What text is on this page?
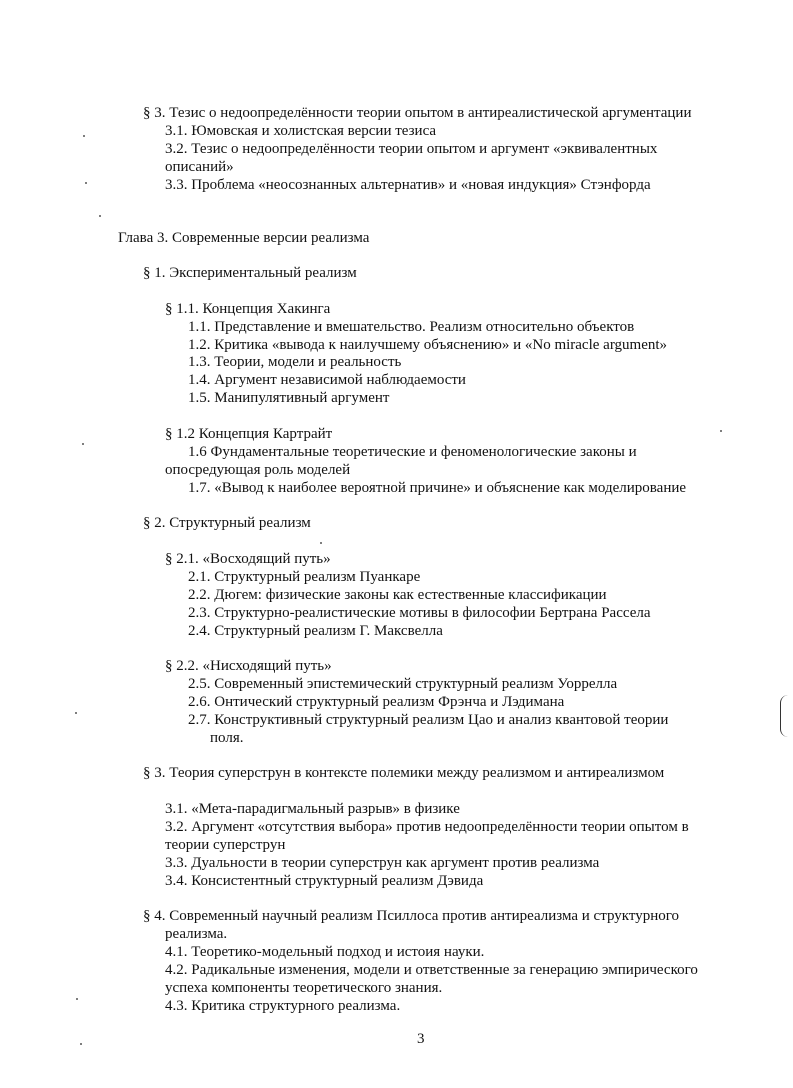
§ 3. Тезис о недоопределённости теории опытом в антиреалистической аргументации
3.1. Юмовская и холистская версии тезиса
3.2. Тезис о недоопределённости теории опытом и аргумент «эквивалентных
описаний»
3.3. Проблема «неосознанных альтернатив» и «новая индукция» Стэнфорда
Глава 3. Современные версии реализма
§ 1. Экспериментальный реализм
§ 1.1. Концепция Хакинга
1.1. Представление и вмешательство. Реализм относительно объектов
1.2. Критика «вывода к наилучшему объяснению» и «No miracle argument»
1.3. Теории, модели и реальность
1.4. Аргумент независимой наблюдаемости
1.5. Манипулятивный аргумент
§ 1.2 Концепция Картрайт
1.6 Фундаментальные теоретические и феноменологические законы и
опосредующая роль моделей
1.7. «Вывод к наиболее вероятной причине» и объяснение как моделирование
§ 2. Структурный реализм
§ 2.1. «Восходящий путь»
2.1. Структурный реализм Пуанкаре
2.2. Дюгем: физические законы как естественные классификации
2.3. Структурно-реалистические мотивы в философии Бертрана Рассела
2.4. Структурный реализм Г. Максвелла
§ 2.2. «Нисходящий путь»
2.5. Современный эпистемический структурный реализм Уоррелла
2.6. Онтический структурный реализм Фрэнча и Лэдимана
2.7. Конструктивный структурный реализм Цао и анализ квантовой теории
поля.
§ 3. Теория суперструн в контексте полемики между реализмом и антиреализмом
3.1. «Мета-парадигмальный разрыв» в физике
3.2. Аргумент «отсутствия выбора» против недоопределённости теории опытом в
теории суперструн
3.3. Дуальности в теории суперструн как аргумент против реализма
3.4. Консистентный структурный реализм Дэвида
§ 4. Современный научный реализм Псиллоса против антиреализма и структурного
реализма.
4.1. Теоретико-модельный подход и истоия науки.
4.2. Радикальные изменения, модели и ответственные за генерацию эмпирического
успеха компоненты теоретического знания.
4.3. Критика структурного реализма.
3
